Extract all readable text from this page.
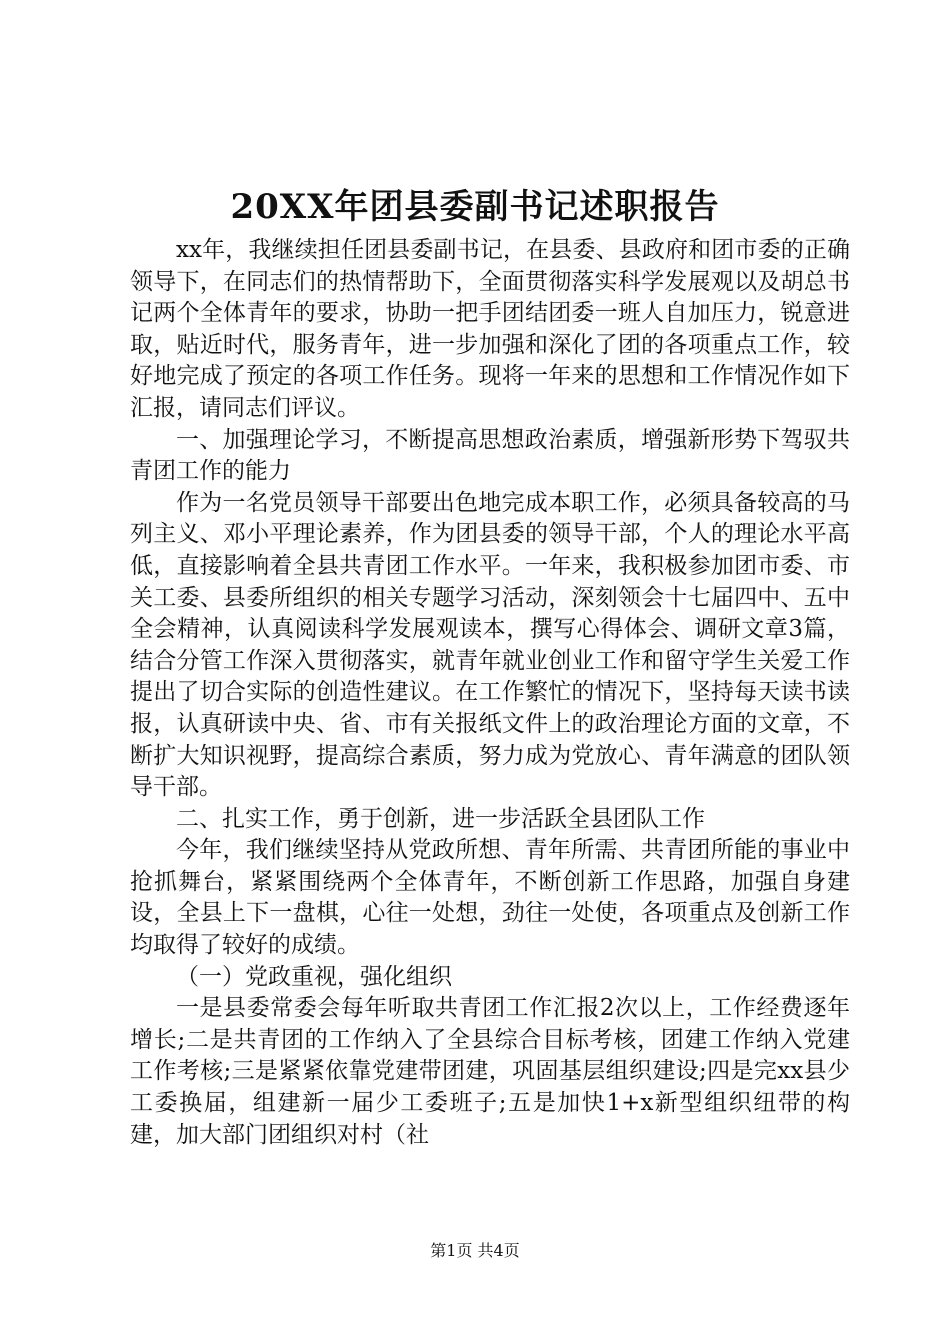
20XX年团县委副书记述职报告

xx年，我继续担任团县委副书记，在县委、县政府和团市委的正确领导下，在同志们的热情帮助下，全面贯彻落实科学发展观以及胡总书记两个全体青年的要求，协助一把手团结团委一班人自加压力，锐意进取，贴近时代，服务青年，进一步加强和深化了团的各项重点工作，较好地完成了预定的各项工作任务。现将一年来的思想和工作情况作如下汇报，请同志们评议。

一、加强理论学习，不断提高思想政治素质，增强新形势下驾驭共青团工作的能力

作为一名党员领导干部要出色地完成本职工作，必须具备较高的马列主义、邓小平理论素养，作为团县委的领导干部，个人的理论水平高低，直接影响着全县共青团工作水平。一年来，我积极参加团市委、市关工委、县委所组织的相关专题学习活动，深刻领会十七届四中、五中全会精神，认真阅读科学发展观读本，撰写心得体会、调研文章3篇，结合分管工作深入贯彻落实，就青年就业创业工作和留守学生关爱工作提出了切合实际的创造性建议。在工作繁忙的情况下，坚持每天读书读报，认真研读中央、省、市有关报纸文件上的政治理论方面的文章，不断扩大知识视野，提高综合素质，努力成为党放心、青年满意的团队领导干部。

二、扎实工作，勇于创新，进一步活跃全县团队工作

今年，我们继续坚持从党政所想、青年所需、共青团所能的事业中抢抓舞台，紧紧围绕两个全体青年，不断创新工作思路，加强自身建设，全县上下一盘棋，心往一处想，劲往一处使，各项重点及创新工作均取得了较好的成绩。

（一）党政重视，强化组织

一是县委常委会每年听取共青团工作汇报2次以上，工作经费逐年增长;二是共青团的工作纳入了全县综合目标考核，团建工作纳入党建工作考核;三是紧紧依靠党建带团建，巩固基层组织建设;四是完xx县少工委换届，组建新一届少工委班子;五是加快1+x新型组织纽带的构建，加大部门团组织对村（社

第1页 共4页
